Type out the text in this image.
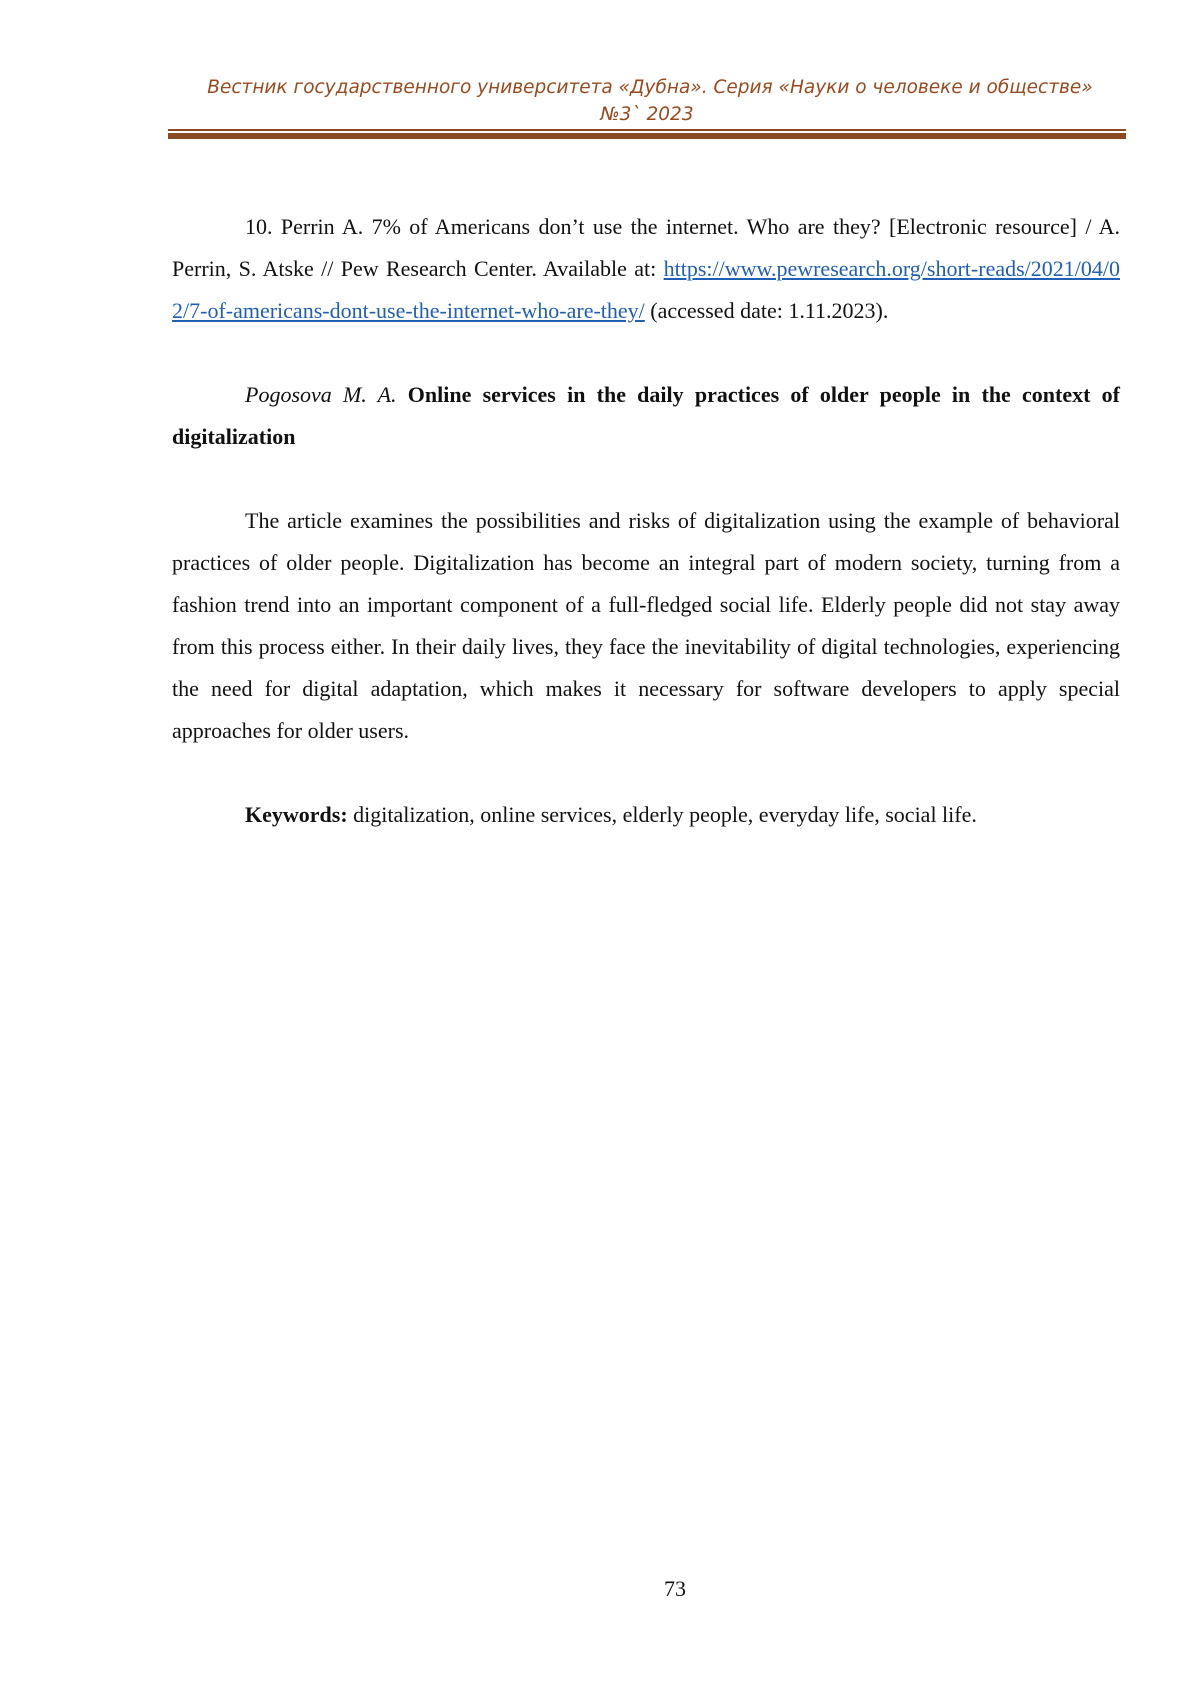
Вестник государственного университета «Дубна». Серия «Науки о человеке и обществе»
№3` 2023

10. Perrin A. 7% of Americans don’t use the internet. Who are they? [Electronic resource] / A. Perrin, S. Atske // Pew Research Center. Available at: https://www.pewresearch.org/short-reads/2021/04/02/7-of-americans-dont-use-the-internet-who-are-they/ (accessed date: 1.11.2023).

Pogosova M. A. Online services in the daily practices of older people in the context of digitalization

The article examines the possibilities and risks of digitalization using the example of behavioral practices of older people. Digitalization has become an integral part of modern society, turning from a fashion trend into an important component of a full-fledged social life. Elderly people did not stay away from this process either. In their daily lives, they face the inevitability of digital technologies, experiencing the need for digital adaptation, which makes it necessary for software developers to apply special approaches for older users.

Keywords: digitalization, online services, elderly people, everyday life, social life.

73
